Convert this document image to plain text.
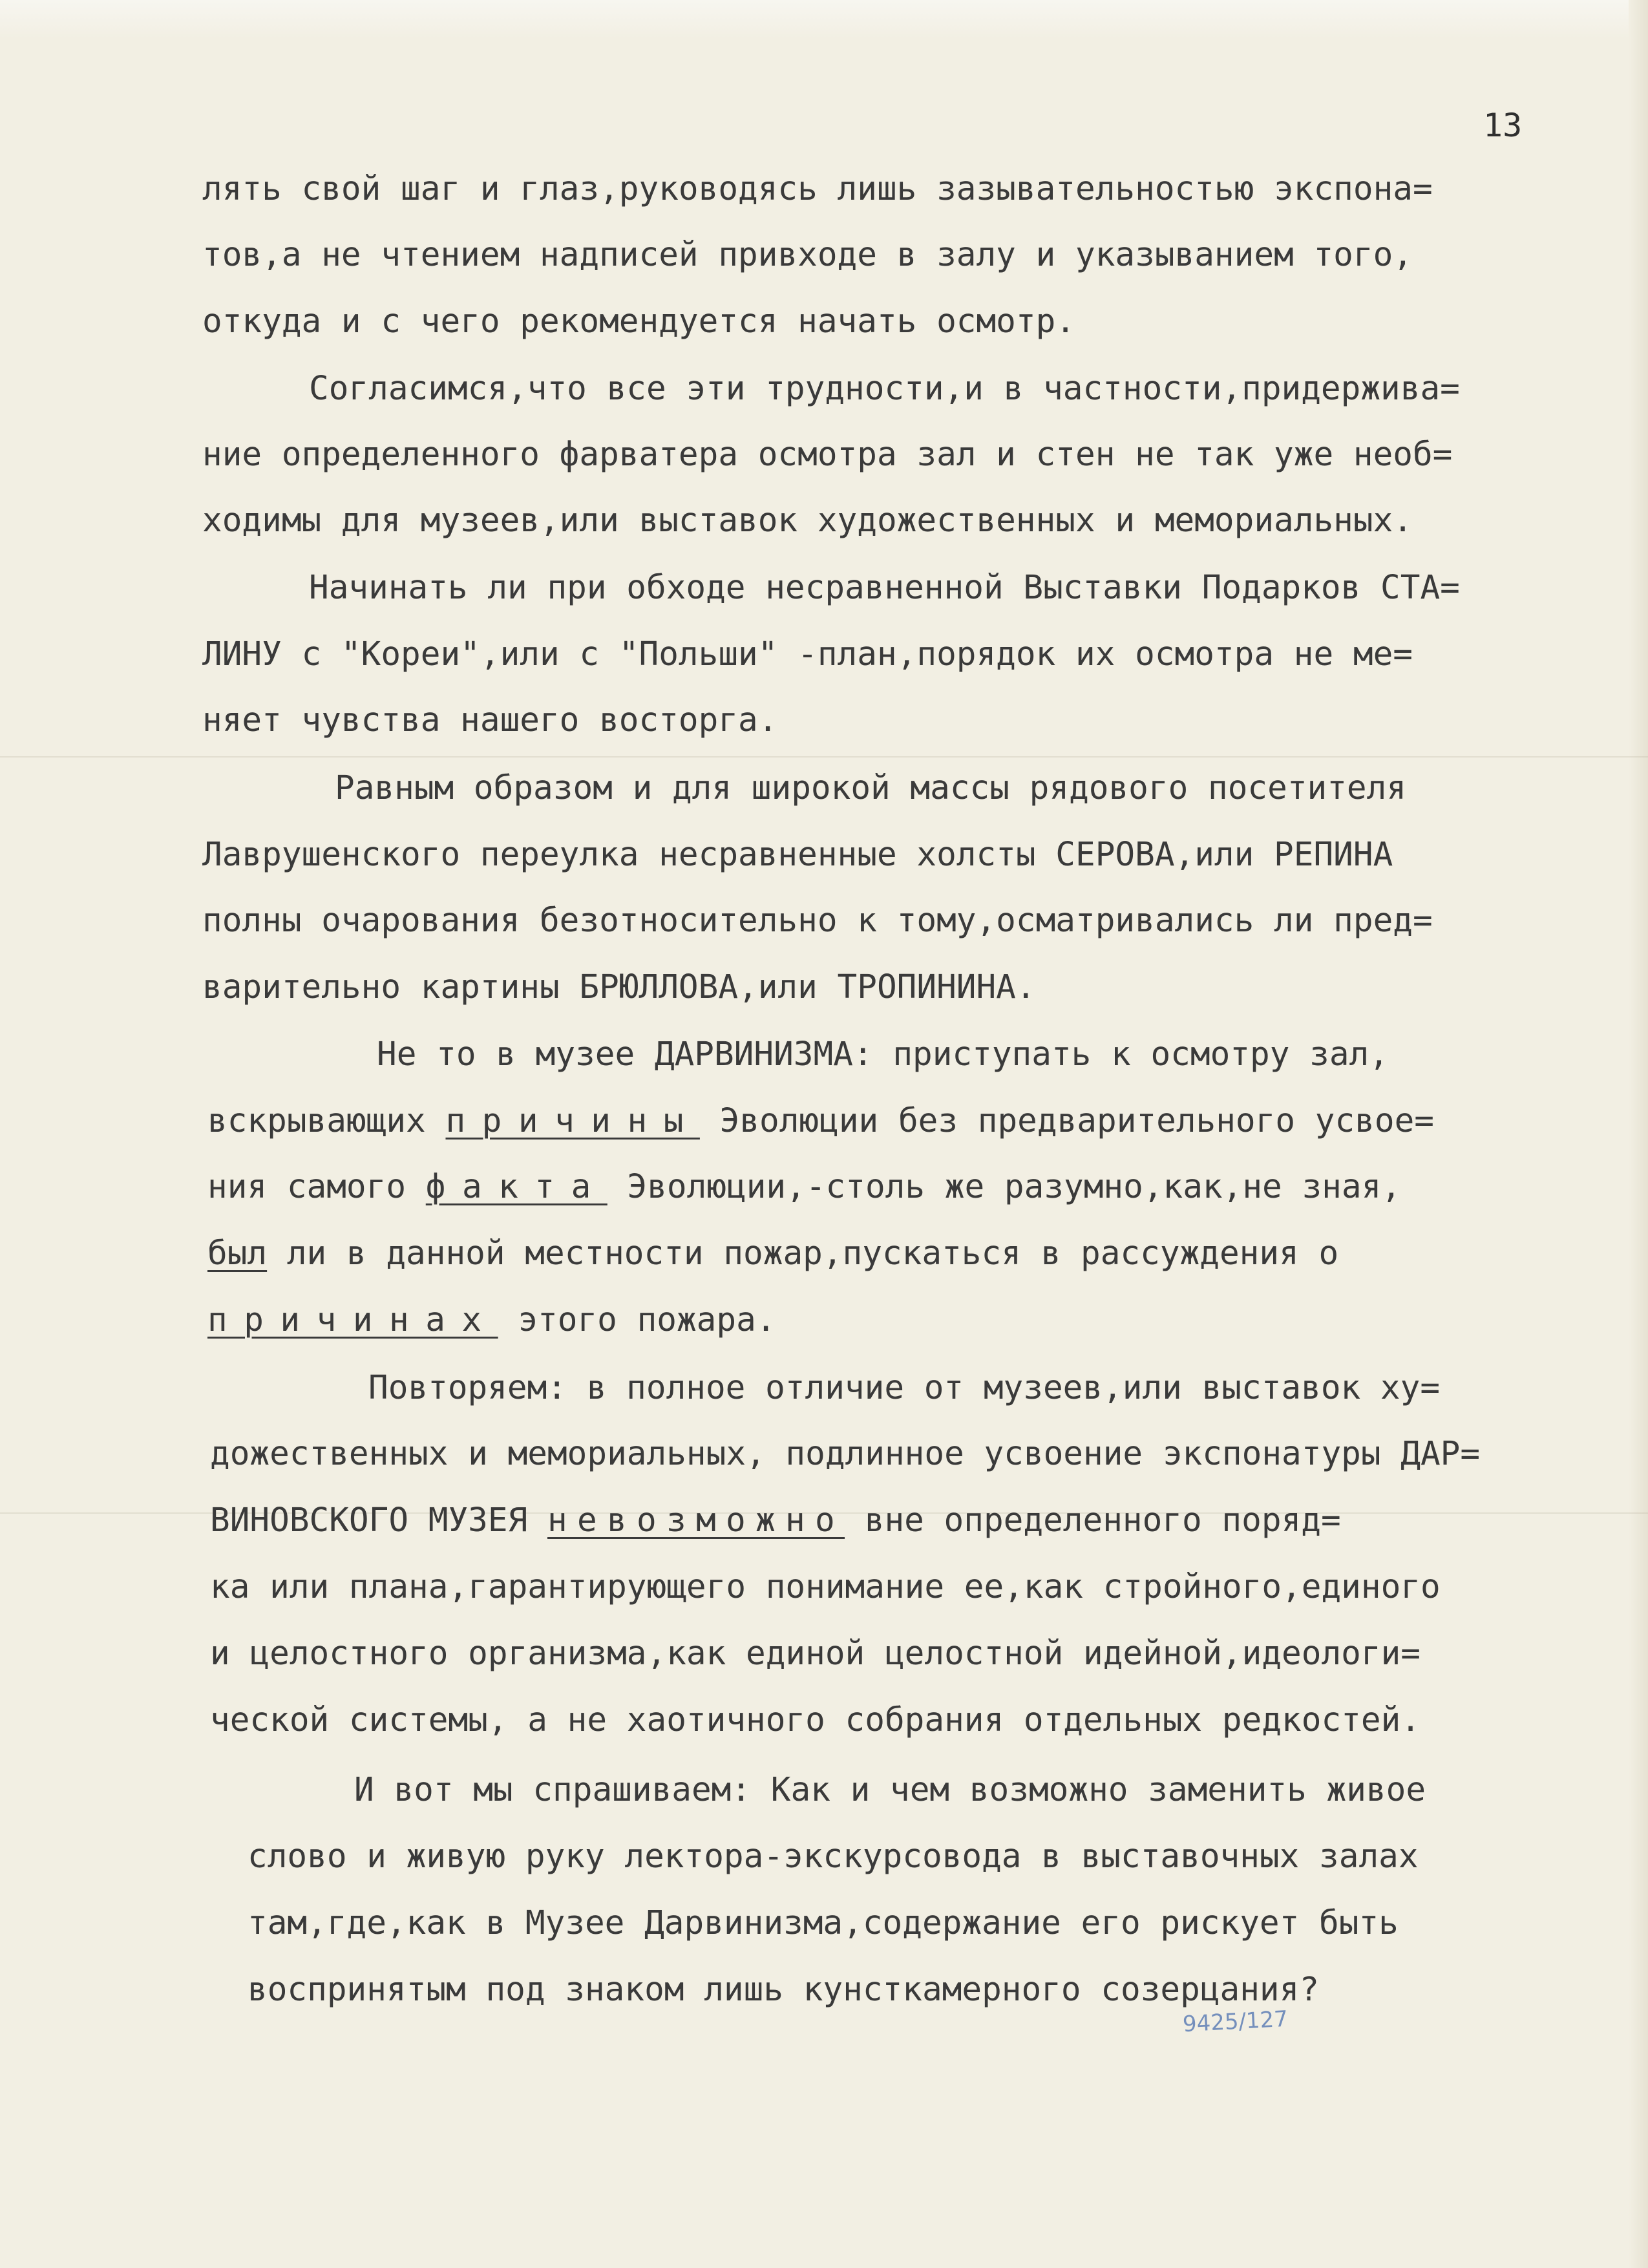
13
лять свой шаг и глаз,руководясь лишь зазывательностью экспона=
тов,а не чтением надписей привходе в залу и указыванием того,
откуда и с чего рекомендуется начать осмотр.
Согласимся,что все эти трудности,и в частности,придержива=
ние определенного фарватера осмотра зал и стен не так уже необ=
ходимы для музеев,или выставок художественных и мемориальных.
Начинать ли при обходе несравненной Выставки Подарков СТА=
ЛИНУ с "Кореи",или с "Польши" -план,порядок их осмотра не ме=
няет чувства нашего восторга.
Равным образом и для широкой массы рядового посетителя
Лаврушенского переулка несравненные холсты СЕРОВА,или РЕПИНА
полны очарования безотносительно к тому,осматривались ли пред=
варительно картины БРЮЛЛОВА,или ТРОПИНИНА.
Не то в музее ДАРВИНИЗМА: приступать к осмотру зал,
вскрывающих причины Эволюции без предварительного усвое=
ния самого факта Эволюции,-столь же разумно,как,не зная,
был ли в данной местности пожар,пускаться в рассуждения о
причинах этого пожара.
Повторяем: в полное отличие от музеев,или выставок ху=
дожественных и мемориальных, подлинное усвоение экспонатуры ДАР=
ВИНОВСКОГО МУЗЕЯ невозможно вне определенного поряд=
ка или плана,гарантирующего понимание ее,как стройного,единого
и целостного организма,как единой целостной идейной,идеологи=
ческой системы, а не хаотичного собрания отдельных редкостей.
И вот мы спрашиваем: Как и чем возможно заменить живое
слово и живую руку лектора-экскурсовода в выставочных залах
там,где,как в Музее Дарвинизма,содержание его рискует быть
воспринятым под знаком лишь кунсткамерного созерцания?
9425/127
